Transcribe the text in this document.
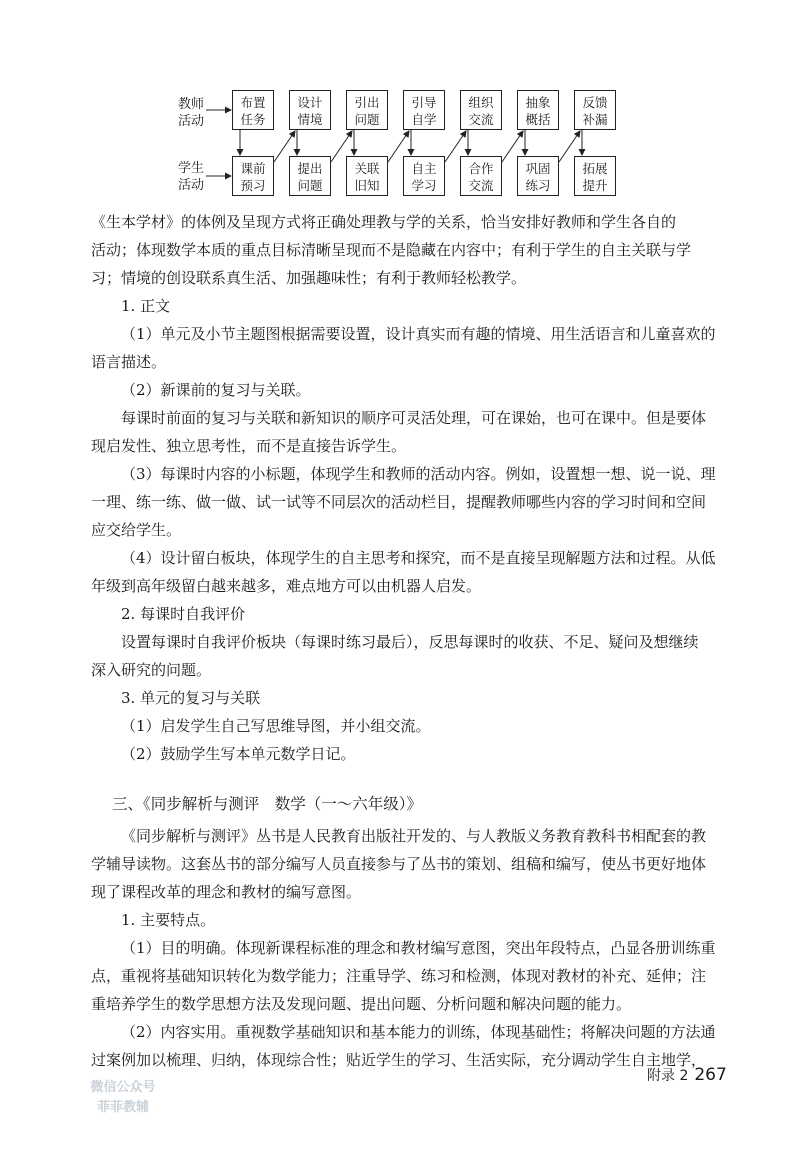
教师
活动
学生
活动
布置
任务
课前
预习
设计
情境
提出
问题
引出
问题
关联
旧知
引导
自学
自主
学习
组织
交流
合作
交流
抽象
概括
巩固
练习
反馈
补漏
拓展
提升
《生本学材》的体例及呈现方式将正确处理教与学的关系，恰当安排好教师和学生各自的
活动；体现数学本质的重点目标清晰呈现而不是隐藏在内容中；有利于学生的自主关联与学
习；情境的创设联系真生活、加强趣味性；有利于教师轻松教学。
1. 正文
（1）单元及小节主题图根据需要设置，设计真实而有趣的情境、用生活语言和儿童喜欢的
语言描述。
（2）新课前的复习与关联。
每课时前面的复习与关联和新知识的顺序可灵活处理，可在课始，也可在课中。但是要体
现启发性、独立思考性，而不是直接告诉学生。
（3）每课时内容的小标题，体现学生和教师的活动内容。例如，设置想一想、说一说、理
一理、练一练、做一做、试一试等不同层次的活动栏目，提醒教师哪些内容的学习时间和空间
应交给学生。
（4）设计留白板块，体现学生的自主思考和探究，而不是直接呈现解题方法和过程。从低
年级到高年级留白越来越多，难点地方可以由机器人启发。
2. 每课时自我评价
设置每课时自我评价板块（每课时练习最后），反思每课时的收获、不足、疑问及想继续
深入研究的问题。
3. 单元的复习与关联
（1）启发学生自己写思维导图，并小组交流。
（2）鼓励学生写本单元数学日记。
三、《同步解析与测评　数学（一～六年级）》
《同步解析与测评》丛书是人民教育出版社开发的、与人教版义务教育教科书相配套的教
学辅导读物。这套丛书的部分编写人员直接参与了丛书的策划、组稿和编写，使丛书更好地体
现了课程改革的理念和教材的编写意图。
1. 主要特点。
（1）目的明确。体现新课程标准的理念和教材编写意图，突出年段特点，凸显各册训练重
点，重视将基础知识转化为数学能力；注重导学、练习和检测，体现对教材的补充、延伸；注
重培养学生的数学思想方法及发现问题、提出问题、分析问题和解决问题的能力。
（2）内容实用。重视数学基础知识和基本能力的训练，体现基础性；将解决问题的方法通
过案例加以梳理、归纳，体现综合性；贴近学生的学习、生活实际，充分调动学生自主地学，
微信公众号
菲菲教辅
附录 2 267
